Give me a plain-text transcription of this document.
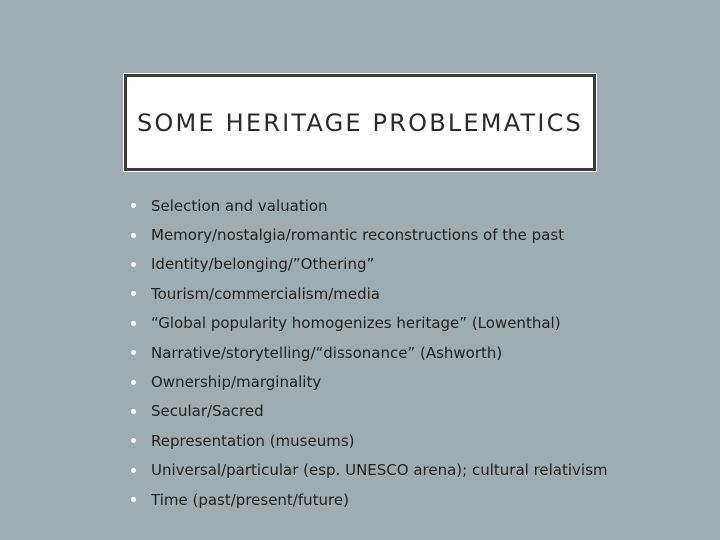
SOME HERITAGE PROBLEMATICS
Selection and valuation
Memory/nostalgia/romantic reconstructions of the past
Identity/belonging/”Othering”
Tourism/commercialism/media
“Global popularity homogenizes heritage” (Lowenthal)
Narrative/storytelling/“dissonance” (Ashworth)
Ownership/marginality
Secular/Sacred
Representation (museums)
Universal/particular (esp. UNESCO arena); cultural relativism
Time (past/present/future)
